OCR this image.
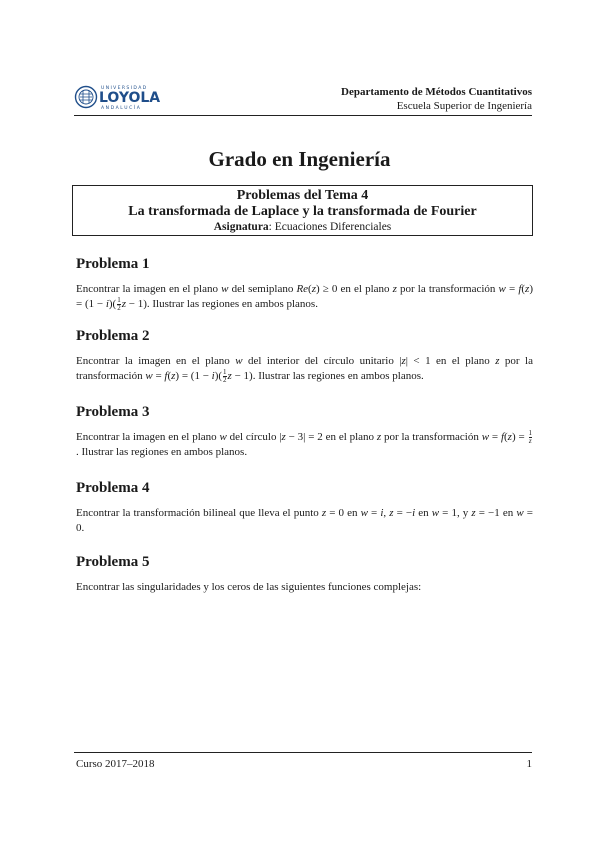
UNIVERSIDAD
LOYOLA
ANDALUCÍA
Departamento de Métodos Cuantitativos
Escuela Superior de Ingeniería
Grado en Ingeniería
Problemas del Tema 4
La transformada de Laplace y la transformada de Fourier
Asignatura: Ecuaciones Diferenciales
Problema 1

Encontrar la imagen en el plano w del semiplano Re(z) ≥ 0 en el plano z por la transformación $w = f(z) = (1 - i)( \frac{1}{2}$ z − 1). Ilustrar las regiones en ambos planos.

Problema 2

Encontrar la imagen en el plano w del interior del círculo unitario |z| < 1 en el plano z por la transformación $w = f(z) = (1 - i)( \frac{1}{2}$ z − 1). Ilustrar las regiones en ambos planos.

Problema 3

Encontrar la imagen en el plano w del círculo |z − 3| = 2 en el plano z por la transformación $w = f(z) = \frac{1}{z}$
. Ilustrar las regiones en ambos planos.

Problema 4

Encontrar la transformación bilineal que lleva el punto z = 0 en w = i, z = −i en w = 1, y z = −1 en w = 0.

Problema 5

Encontrar las singularidades y los ceros de las siguientes funciones complejas:

Curso 2017–2018	1
